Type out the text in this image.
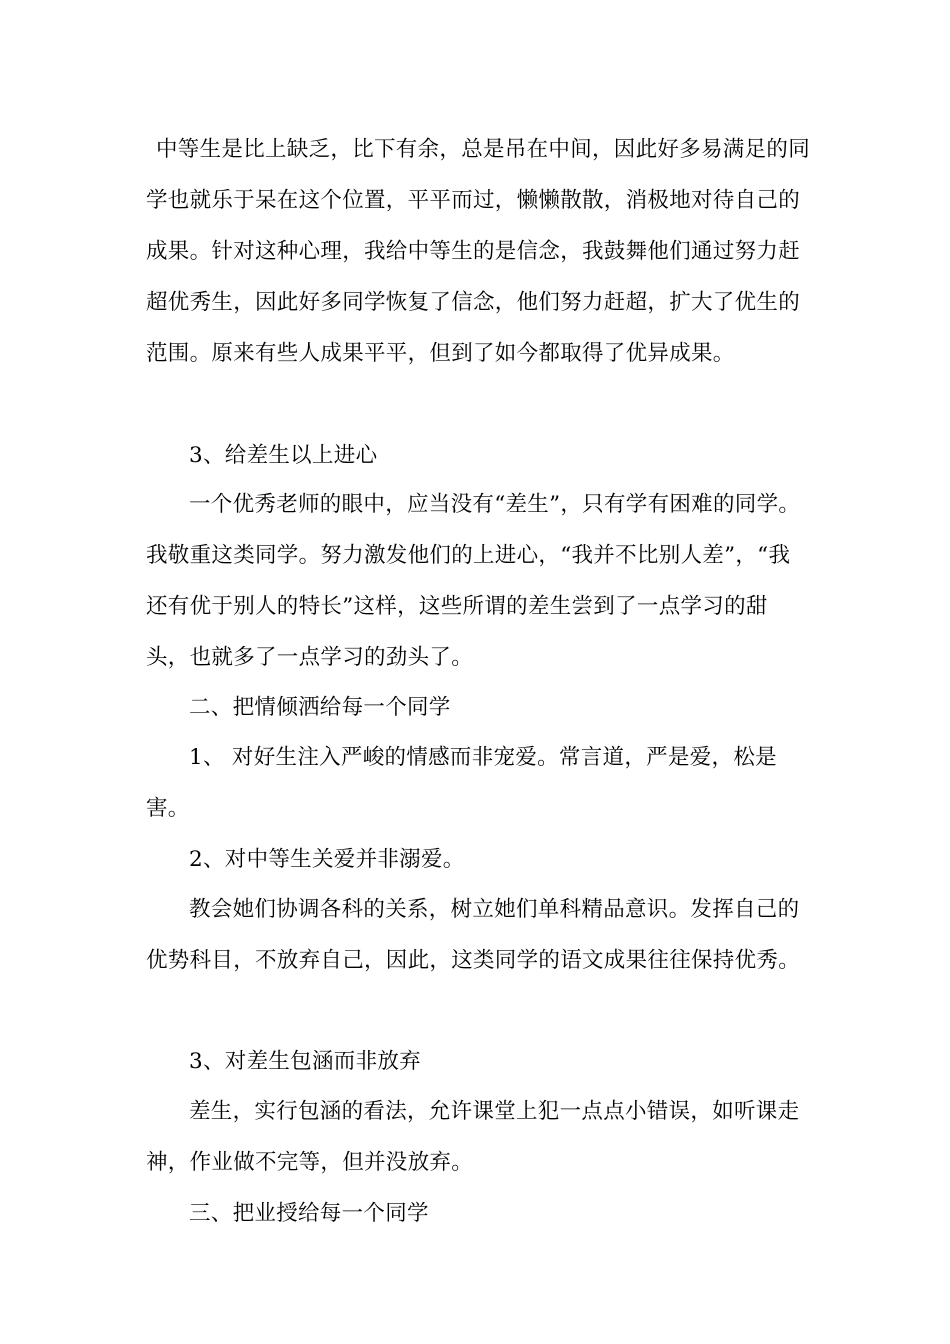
中等生是比上缺乏，比下有余，总是吊在中间，因此好多易满足的同学也就乐于呆在这个位置，平平而过，懒懒散散，消极地对待自己的成果。针对这种心理，我给中等生的是信念，我鼓舞他们通过努力赶超优秀生，因此好多同学恢复了信念，他们努力赶超，扩大了优生的范围。原来有些人成果平平，但到了如今都取得了优异成果。

3、给差生以上进心

一个优秀老师的眼中，应当没有“差生”，只有学有困难的同学。我敬重这类同学。努力激发他们的上进心，“我并不比别人差”，“我还有优于别人的特长”这样，这些所谓的差生尝到了一点学习的甜头，也就多了一点学习的劲头了。

二、把情倾洒给每一个同学

1、 对好生注入严峻的情感而非宠爱。常言道，严是爱，松是害。

2、对中等生关爱并非溺爱。

教会她们协调各科的关系，树立她们单科精品意识。发挥自己的优势科目，不放弃自己，因此，这类同学的语文成果往往保持优秀。

3、对差生包涵而非放弃

差生，实行包涵的看法，允许课堂上犯一点点小错误，如听课走神，作业做不完等，但并没放弃。

三、把业授给每一个同学
